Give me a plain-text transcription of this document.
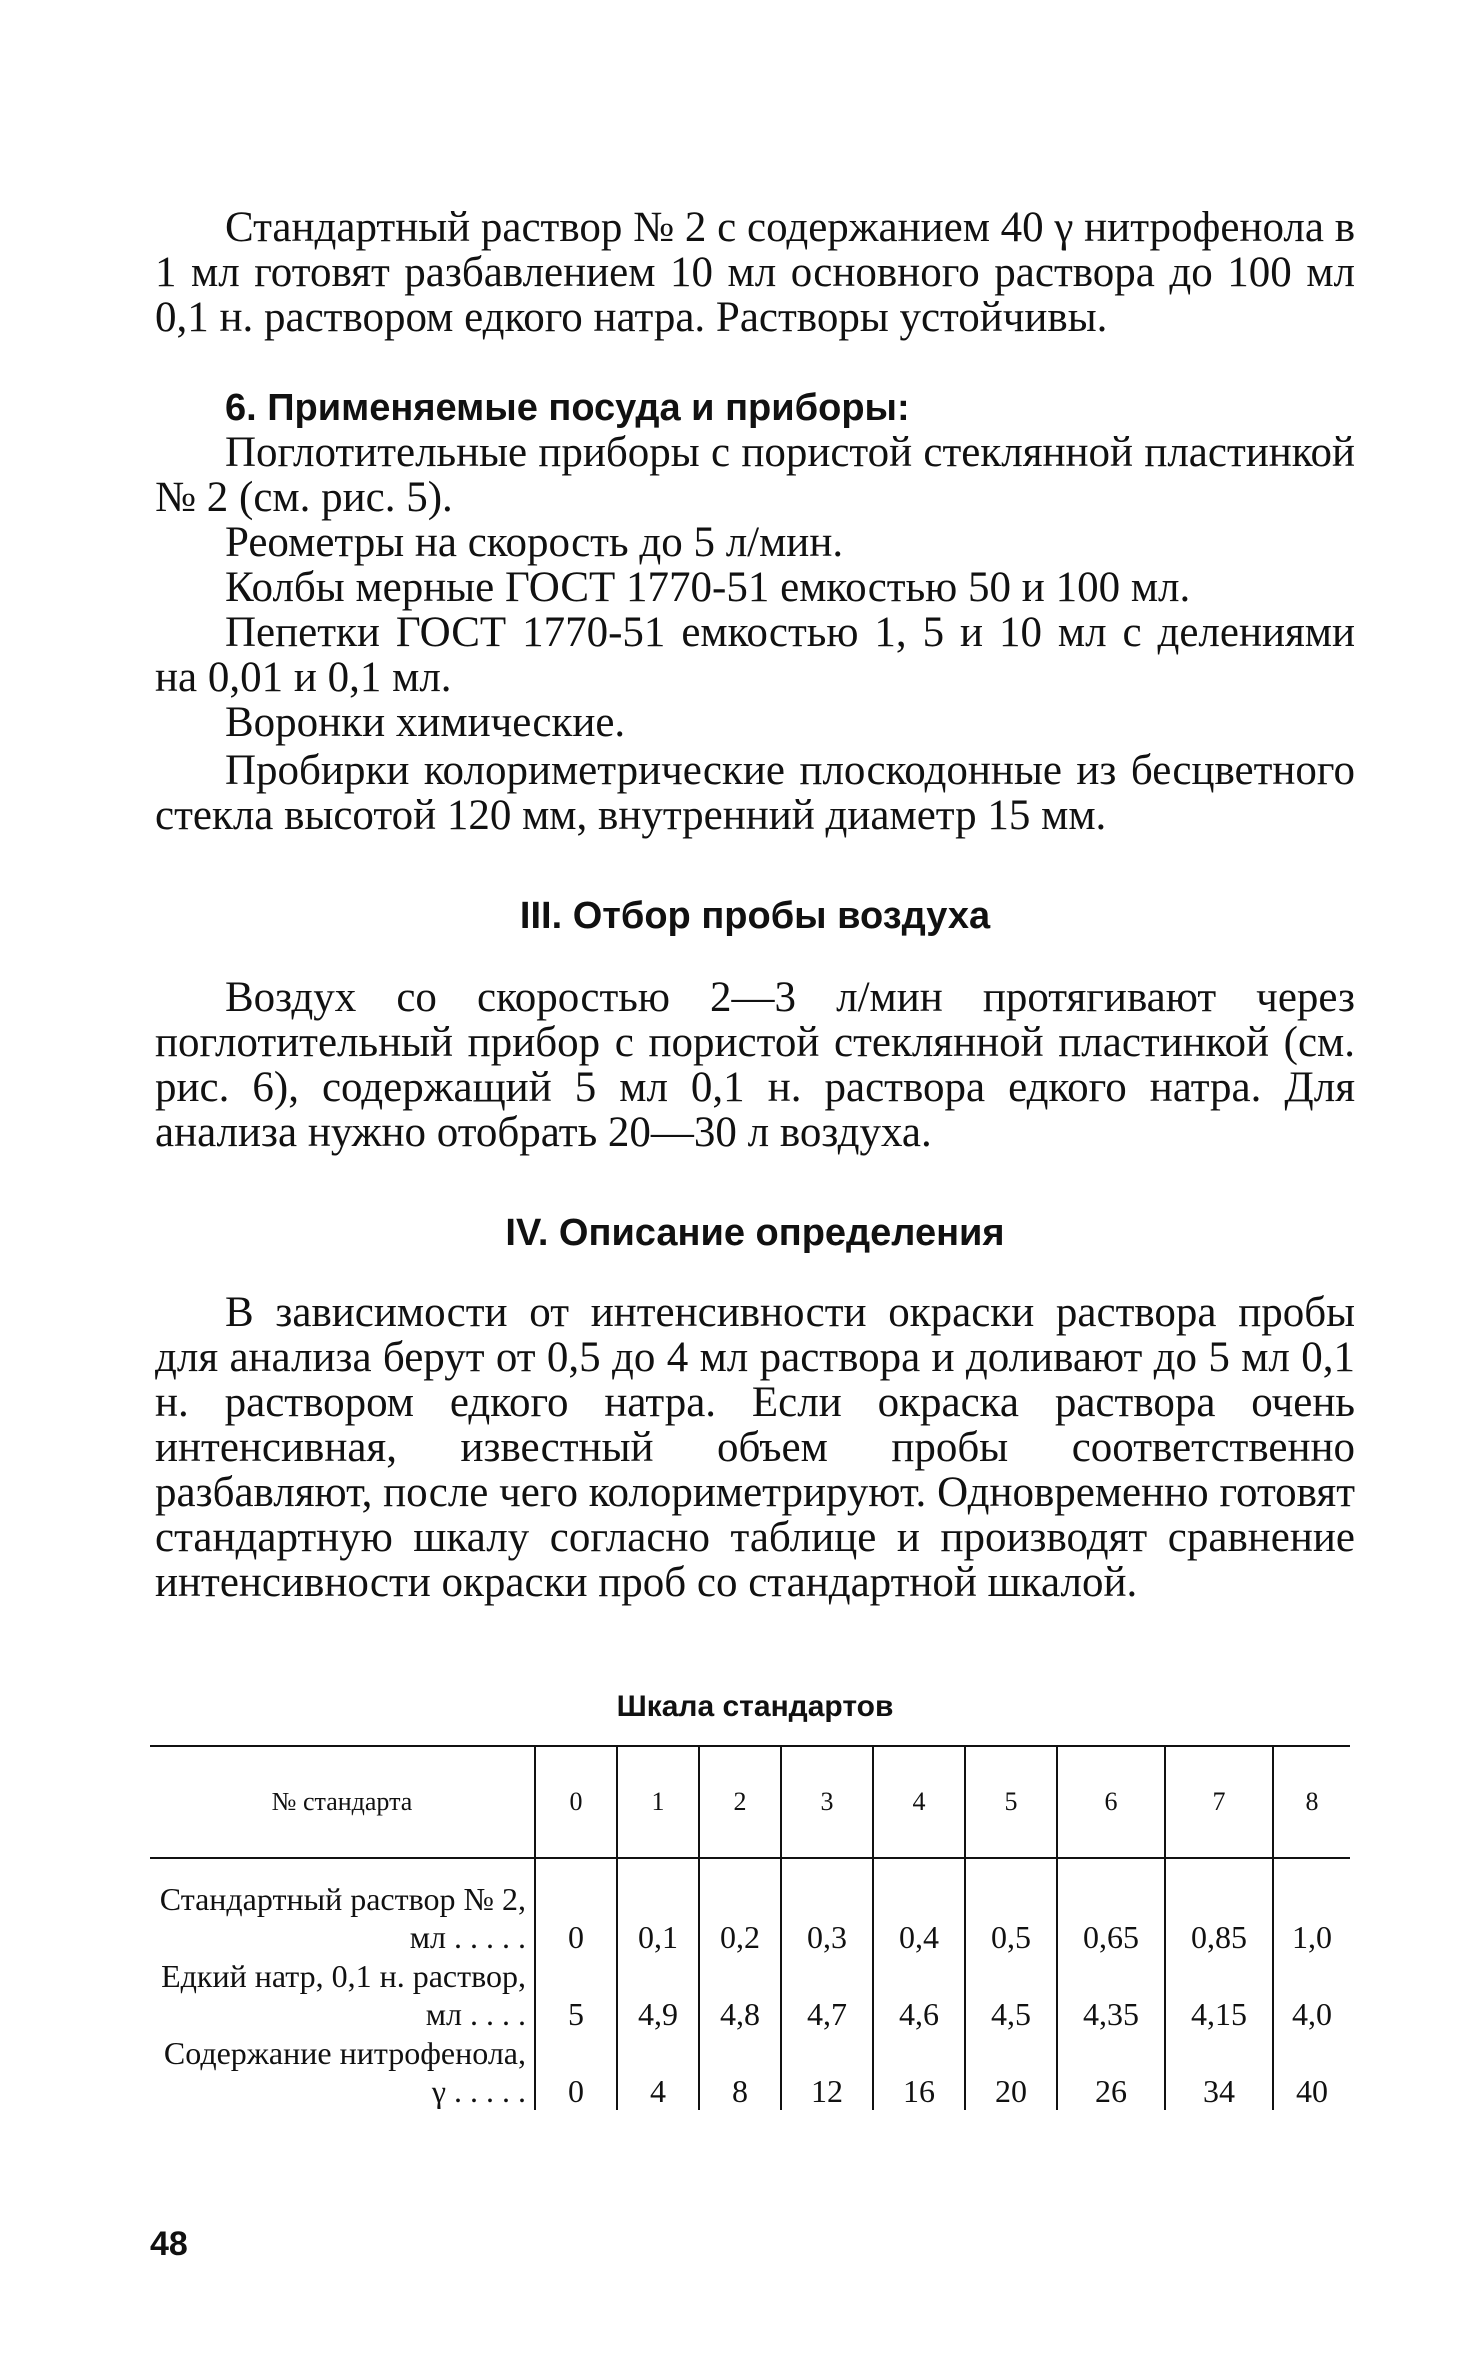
Стандартный раствор № 2 с содержанием 40 γ нитрофенола в 1 мл готовят разбавлением 10 мл основного раствора до 100 мл 0,1 н. раствором едкого натра. Растворы устойчивы.

6. Применяемые посуда и приборы:

Поглотительные приборы с пористой стеклянной пластинкой № 2 (см. рис. 5).

Реометры на скорость до 5 л/мин.

Колбы мерные ГОСТ 1770-51 емкостью 50 и 100 мл.

Пепетки ГОСТ 1770-51 емкостью 1, 5 и 10 мл с делениями на 0,01 и 0,1 мл.

Воронки химические.

Пробирки колориметрические плоскодонные из бесцветного стекла высотой 120 мм, внутренний диаметр 15 мм.

III. Отбор пробы воздуха

Воздух со скоростью 2—3 л/мин протягивают через поглотительный прибор с пористой стеклянной пластинкой (см. рис. 6), содержащий 5 мл 0,1 н. раствора едкого натра. Для анализа нужно отобрать 20—30 л воздуха.

IV. Описание определения

В зависимости от интенсивности окраски раствора пробы для анализа берут от 0,5 до 4 мл раствора и доливают до 5 мл 0,1 н. раствором едкого натра. Если окраска раствора очень интенсивная, известный объем пробы соответственно разбавляют, после чего колориметрируют. Одновременно готовят стандартную шкалу согласно таблице и производят сравнение интенсивности окраски проб со стандартной шкалой.

Шкала стандартов

№ стандарта	0	1	2	3	4	5	6	7	8
Стандартный раствор № 2, мл . . . . .	0	0,1	0,2	0,3	0,4	0,5	0,65	0,85	1,0
Едкий натр, 0,1 н. раствор, мл . . . .	5	4,9	4,8	4,7	4,6	4,5	4,35	4,15	4,0
Содержание нитрофенола, γ . . . . .	0	4	8	12	16	20	26	34	40
48
